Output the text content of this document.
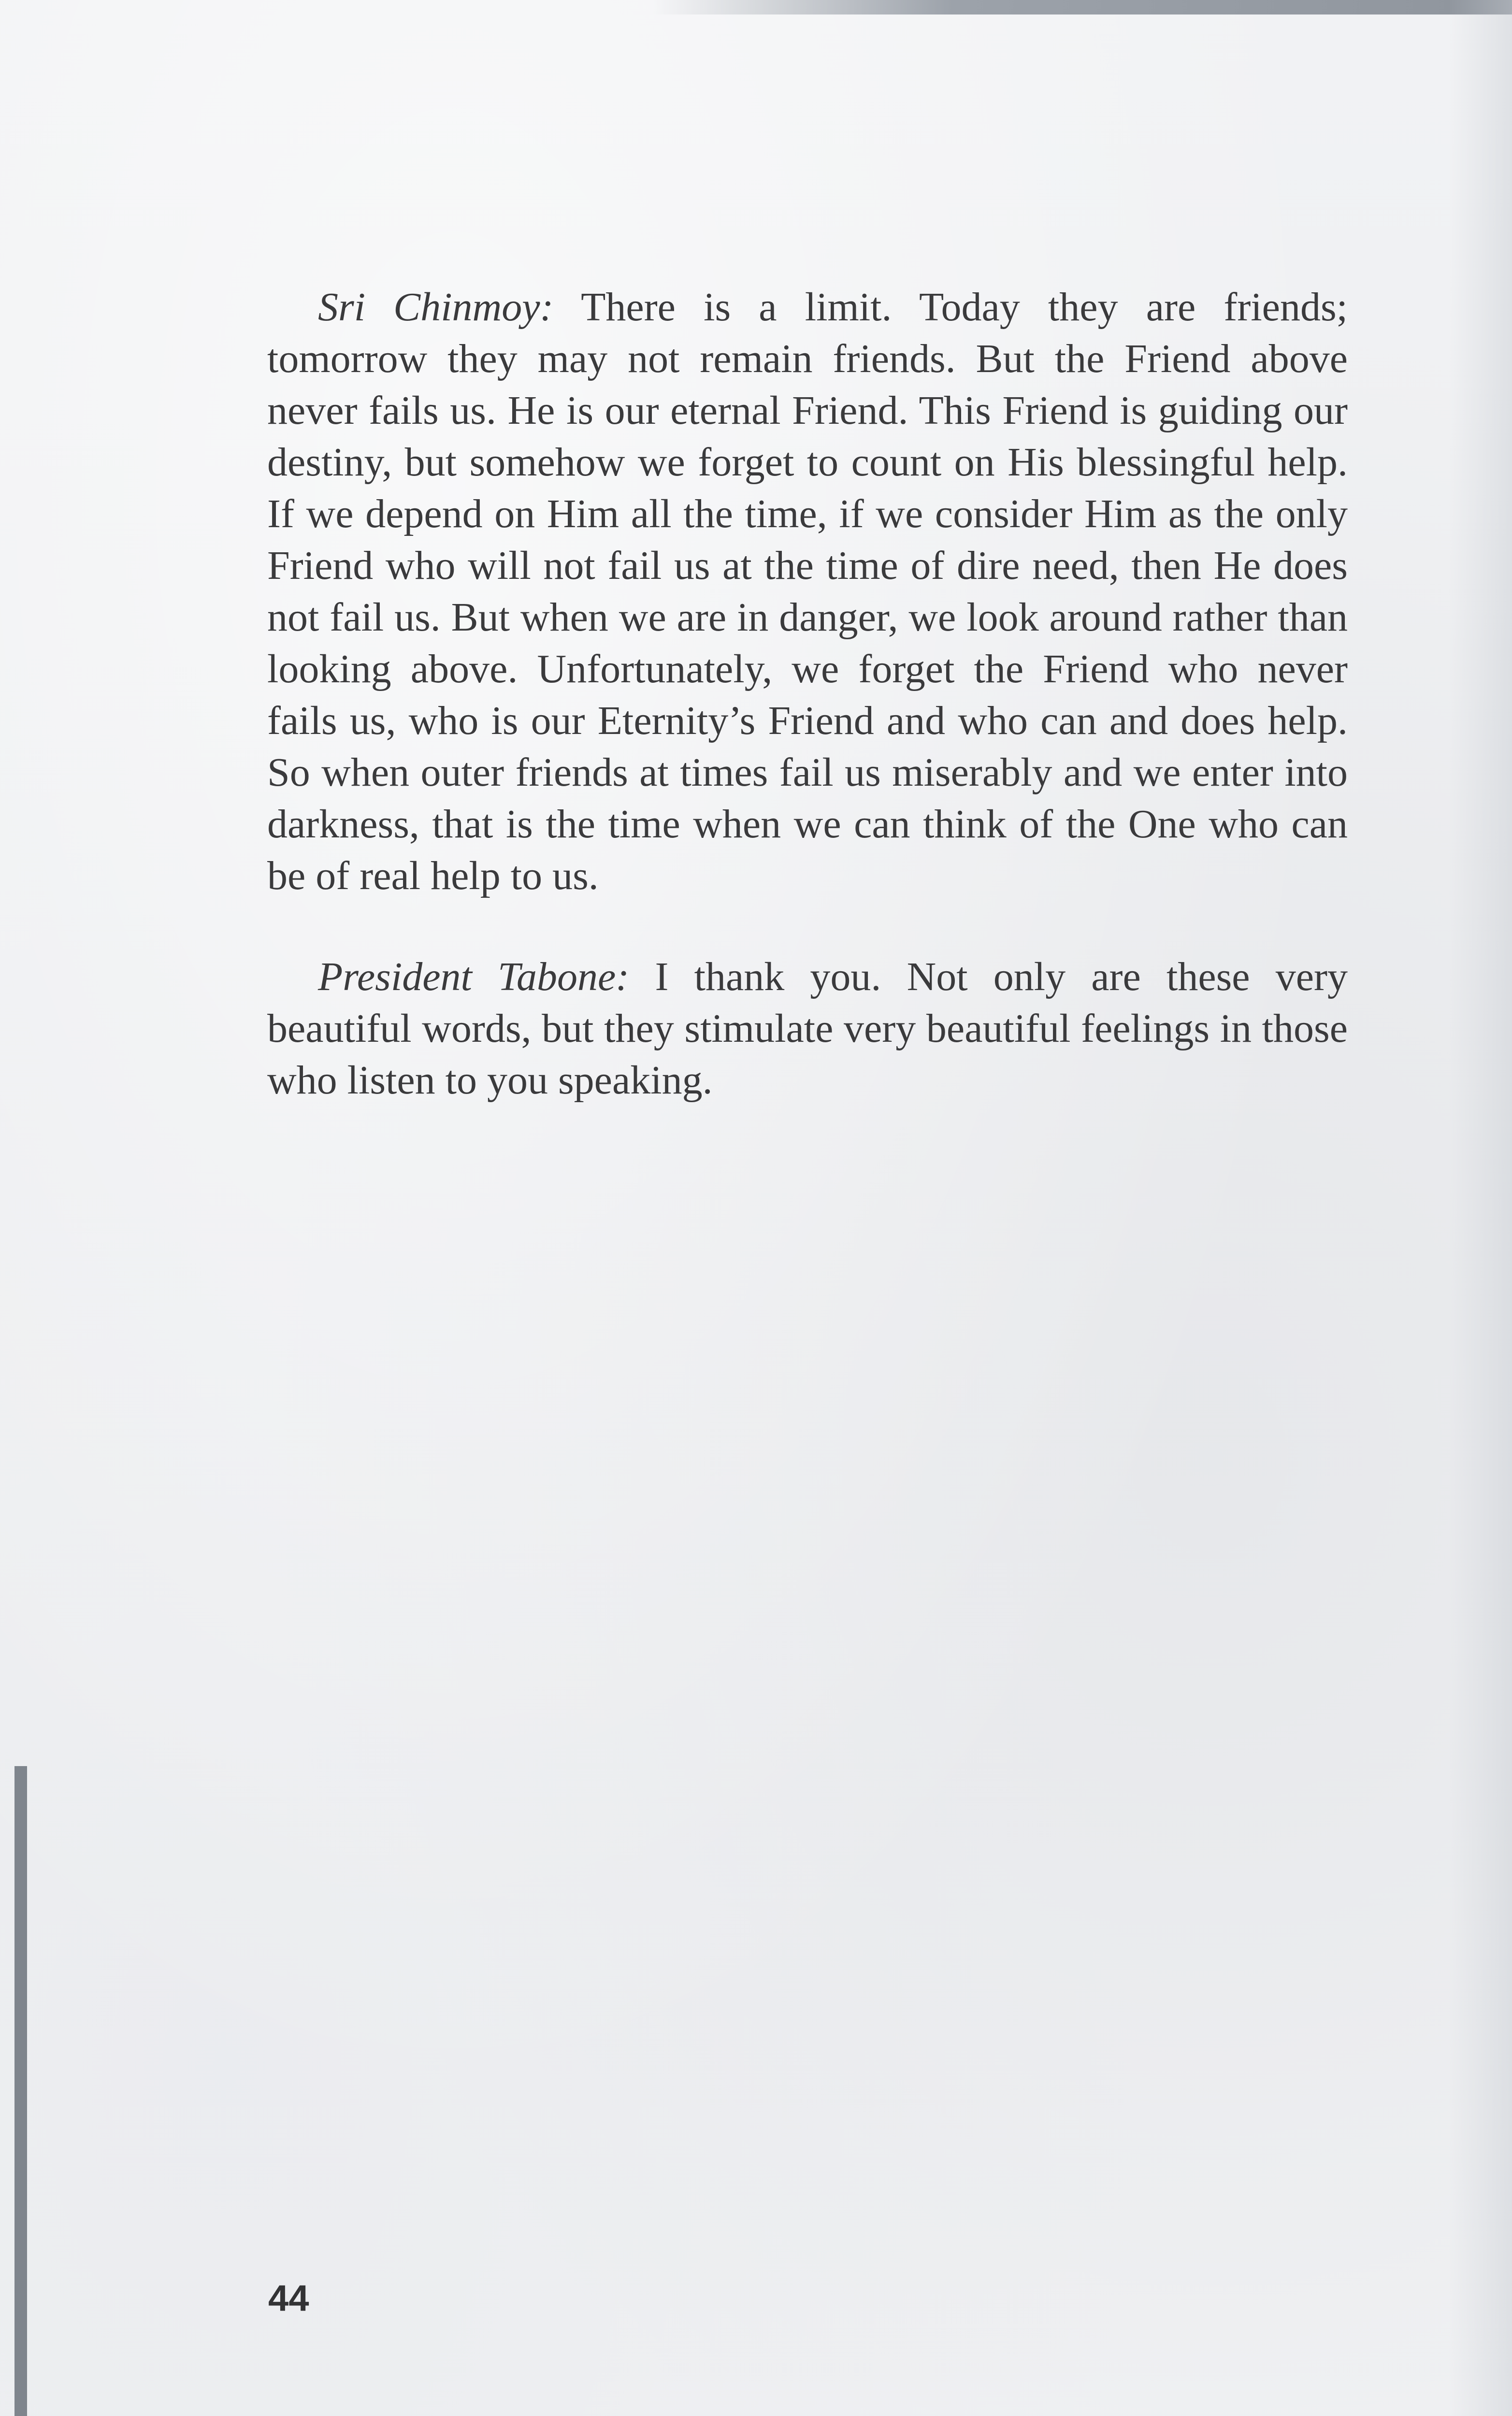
Sri Chinmoy: There is a limit. Today they are friends; tomorrow they may not remain friends. But the Friend above never fails us. He is our eternal Friend. This Friend is guiding our destiny, but somehow we forget to count on His blessingful help. If we depend on Him all the time, if we consider Him as the only Friend who will not fail us at the time of dire need, then He does not fail us. But when we are in danger, we look around rather than looking above. Unfortunately, we forget the Friend who never fails us, who is our Eternity’s Friend and who can and does help. So when outer friends at times fail us miserably and we enter into darkness, that is the time when we can think of the One who can be of real help to us.

President Tabone: I thank you. Not only are these very beautiful words, but they stimulate very beautiful feelings in those who listen to you speaking.

44
